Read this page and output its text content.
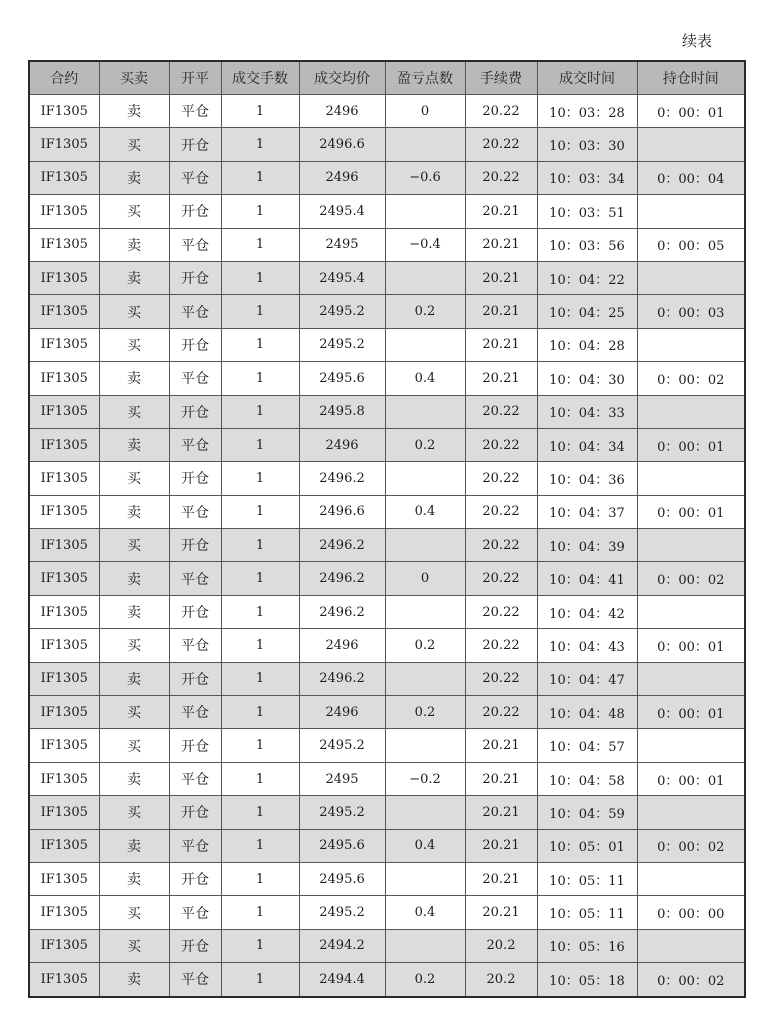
续表
合约	买卖	开平	成交手数	成交均价	盈亏点数	手续费	成交时间	持仓时间
IF1305	卖	平仓	1	2496	0	20.22	10：03：28	0：00：01
IF1305	买	开仓	1	2496.6		20.22	10：03：30	
IF1305	卖	平仓	1	2496	−0.6	20.22	10：03：34	0：00：04
IF1305	买	开仓	1	2495.4		20.21	10：03：51	
IF1305	卖	平仓	1	2495	−0.4	20.21	10：03：56	0：00：05
IF1305	卖	开仓	1	2495.4		20.21	10：04：22	
IF1305	买	平仓	1	2495.2	0.2	20.21	10：04：25	0：00：03
IF1305	买	开仓	1	2495.2		20.21	10：04：28	
IF1305	卖	平仓	1	2495.6	0.4	20.21	10：04：30	0：00：02
IF1305	买	开仓	1	2495.8		20.22	10：04：33	
IF1305	卖	平仓	1	2496	0.2	20.22	10：04：34	0：00：01
IF1305	买	开仓	1	2496.2		20.22	10：04：36	
IF1305	卖	平仓	1	2496.6	0.4	20.22	10：04：37	0：00：01
IF1305	买	开仓	1	2496.2		20.22	10：04：39	
IF1305	卖	平仓	1	2496.2	0	20.22	10：04：41	0：00：02
IF1305	卖	开仓	1	2496.2		20.22	10：04：42	
IF1305	买	平仓	1	2496	0.2	20.22	10：04：43	0：00：01
IF1305	卖	开仓	1	2496.2		20.22	10：04：47	
IF1305	买	平仓	1	2496	0.2	20.22	10：04：48	0：00：01
IF1305	买	开仓	1	2495.2		20.21	10：04：57	
IF1305	卖	平仓	1	2495	−0.2	20.21	10：04：58	0：00：01
IF1305	买	开仓	1	2495.2		20.21	10：04：59	
IF1305	卖	平仓	1	2495.6	0.4	20.21	10：05：01	0：00：02
IF1305	卖	开仓	1	2495.6		20.21	10：05：11	
IF1305	买	平仓	1	2495.2	0.4	20.21	10：05：11	0：00：00
IF1305	买	开仓	1	2494.2		20.2	10：05：16	
IF1305	卖	平仓	1	2494.4	0.2	20.2	10：05：18	0：00：02
